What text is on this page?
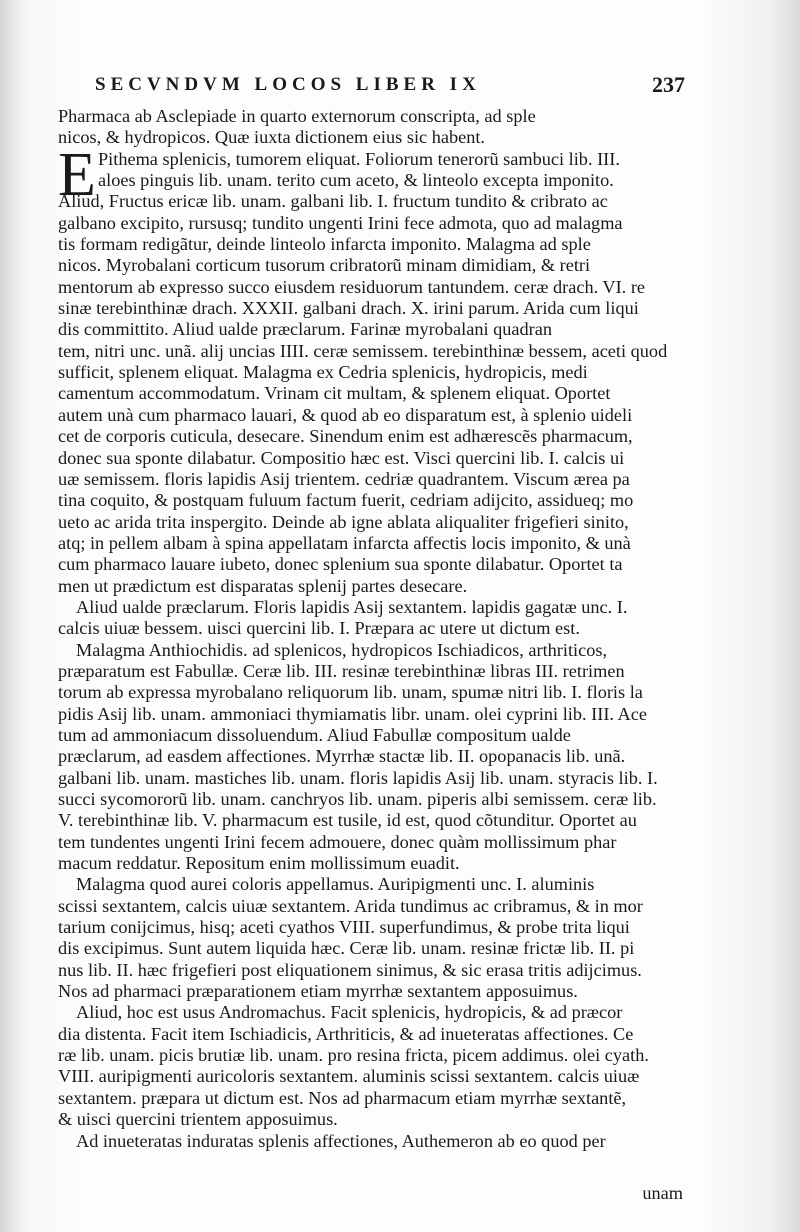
SECVNDVM LOCOS LIBER IX	237
Pharmaca ab Asclepiade in quarto externorum conscripta, ad sple
nicos, & hydropicos. Quæ iuxta dictionem eius sic habent.
E Pithema splenicis, tumorem eliquat. Foliorum tenerorũ sambuci lib. III.
aloes pinguis lib. unam. terito cum aceto, & linteolo excepta imponito.
Aliud, Fructus ericæ lib. unam. galbani lib. I. fructum tundito & cribrato ac
galbano excipito, rursusq; tundito ungenti Irini fece admota, quo ad malagma
tis formam redigãtur, deinde linteolo infarcta imponito. Malagma ad sple
nicos. Myrobalani corticum tusorum cribratorũ minam dimidiam, & retri
mentorum ab expresso succo eiusdem residuorum tantundem. ceræ drach. VI. re
sinæ terebinthinæ drach. XXXII. galbani drach. X. irini parum. Arida cum liqui
dis committito. Aliud ualde præclarum. Farinæ myrobalani quadran
tem, nitri unc. unã. alij uncias IIII. ceræ semissem. terebinthinæ bessem, aceti quod
sufficit, splenem eliquat. Malagma ex Cedria splenicis, hydropicis, medi
camentum accommodatum. Vrinam cit multam, & splenem eliquat. Oportet
autem unà cum pharmaco lauari, & quod ab eo disparatum est, à splenio uideli
cet de corporis cuticula, desecare. Sinendum enim est adhærescẽs pharmacum,
donec sua sponte dilabatur. Compositio hæc est. Visci quercini lib. I. calcis ui
uæ semissem. floris lapidis Asij trientem. cedriæ quadrantem. Viscum ærea pa
tina coquito, & postquam fuluum factum fuerit, cedriam adijcito, assidueq; mo
ueto ac arida trita inspergito. Deinde ab igne ablata aliqualiter frigefieri sinito,
atq; in pellem albam à spina appellatam infarcta affectis locis imponito, & unà
cum pharmaco lauare iubeto, donec splenium sua sponte dilabatur. Oportet ta
men ut prædictum est disparatas splenij partes desecare.
Aliud ualde præclarum. Floris lapidis Asij sextantem. lapidis gagatæ unc. I.
calcis uiuæ bessem. uisci quercini lib. I. Præpara ac utere ut dictum est.
Malagma Anthiochidis. ad splenicos, hydropicos Ischiadicos, arthriticos,
præparatum est Fabullæ. Ceræ lib. III. resinæ terebinthinæ libras III. retrimen
torum ab expressa myrobalano reliquorum lib. unam, spumæ nitri lib. I. floris la
pidis Asij lib. unam. ammoniaci thymiamatis libr. unam. olei cyprini lib. III. Ace
tum ad ammoniacum dissoluendum. Aliud Fabullæ compositum ualde
præclarum, ad easdem affectiones. Myrrhæ stactæ lib. II. opopanacis lib. unã.
galbani lib. unam. mastiches lib. unam. floris lapidis Asij lib. unam. styracis lib. I.
succi sycomororũ lib. unam. canchryos lib. unam. piperis albi semissem. ceræ lib.
V. terebinthinæ lib. V. pharmacum est tusile, id est, quod cõtunditur. Oportet au
tem tundentes ungenti Irini fecem admouere, donec quàm mollissimum phar
macum reddatur. Repositum enim mollissimum euadit.
Malagma quod aurei coloris appellamus. Auripigmenti unc. I. aluminis
scissi sextantem, calcis uiuæ sextantem. Arida tundimus ac cribramus, & in mor
tarium conijcimus, hisq; aceti cyathos VIII. superfundimus, & probe trita liqui
dis excipimus. Sunt autem liquida hæc. Ceræ lib. unam. resinæ frictæ lib. II. pi
nus lib. II. hæc frigefieri post eliquationem sinimus, & sic erasa tritis adijcimus.
Nos ad pharmaci præparationem etiam myrrhæ sextantem apposuimus.
Aliud, hoc est usus Andromachus. Facit splenicis, hydropicis, & ad præcor
dia distenta. Facit item Ischiadicis, Arthriticis, & ad inueteratas affectiones. Ce
ræ lib. unam. picis brutiæ lib. unam. pro resina fricta, picem addimus. olei cyath.
VIII. auripigmenti auricoloris sextantem. aluminis scissi sextantem. calcis uiuæ
sextantem. præpara ut dictum est. Nos ad pharmacum etiam myrrhæ sextantẽ,
& uisci quercini trientem apposuimus.
Ad inueteratas induratas splenis affectiones, Authemeron ab eo quod per
unam
